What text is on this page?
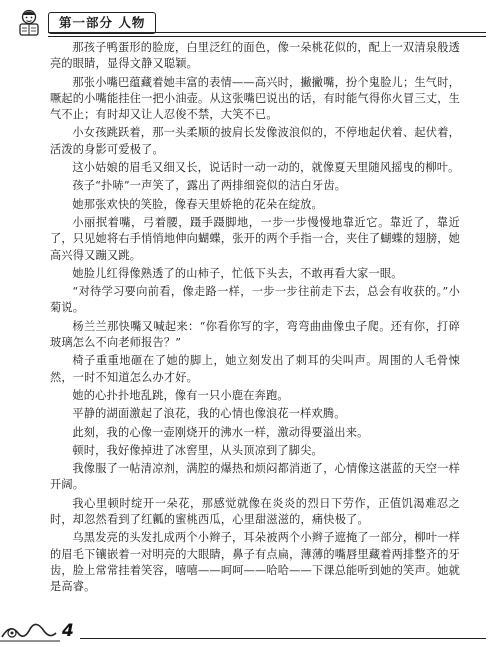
第一部分 人物

那孩子鸭蛋形的脸庞，白里泛红的面色，像一朵桃花似的，配上一双清泉般透亮的眼睛，显得文静又聪颖。

那张小嘴巴蕴藏着她丰富的表情——高兴时，撇撇嘴，扮个鬼脸儿；生气时，噘起的小嘴能挂住一把小油壶。从这张嘴巴说出的话，有时能气得你火冒三丈，生气不止；有时却又让人忍俊不禁，大笑不已。

小女孩跳跃着，那一头柔顺的披肩长发像波浪似的，不停地起伏着、起伏着，活泼的身影可爱极了。

这小姑娘的眉毛又细又长，说话时一动一动的，就像夏天里随风摇曳的柳叶。

孩子“扑哧”一声笑了，露出了两排细瓷似的洁白牙齿。

她那张欢快的笑脸，像春天里娇艳的花朵在绽放。

小丽抿着嘴，弓着腰，蹑手蹑脚地，一步一步慢慢地靠近它。靠近了，靠近了，只见她将右手悄悄地伸向蝴蝶，张开的两个手指一合，夹住了蝴蝶的翅膀，她高兴得又蹦又跳。

她脸儿红得像熟透了的山柿子，忙低下头去，不敢再看大家一眼。

“对待学习要向前看，像走路一样，一步一步往前走下去，总会有收获的。”小菊说。

杨兰兰那快嘴又喊起来：“你看你写的字，弯弯曲曲像虫子爬。还有你，打碎玻璃怎么不向老师报告？”

椅子重重地砸在了她的脚上，她立刻发出了刺耳的尖叫声。周围的人毛骨悚然，一时不知道怎么办才好。

她的心扑扑地乱跳，像有一只小鹿在奔跑。

平静的湖面激起了浪花，我的心情也像浪花一样欢腾。

此刻，我的心像一壶刚烧开的沸水一样，激动得要溢出来。

顿时，我好像掉进了冰窖里，从头顶凉到了脚尖。

我像服了一帖清凉剂，满腔的爆热和烦闷都消逝了，心情像这湛蓝的天空一样开阔。

我心里顿时绽开一朵花，那感觉就像在炎炎的烈日下劳作，正值饥渴难忍之时，却忽然看到了红瓤的蜜桃西瓜，心里甜滋滋的，痛快极了。

乌黑发亮的头发扎成两个小辫子，耳朵被两个小辫子遮掩了一部分，柳叶一样的眉毛下镶嵌着一对明亮的大眼睛，鼻子有点扁，薄薄的嘴唇里藏着两排整齐的牙齿，脸上常常挂着笑容，嘻嘻——呵呵——哈哈——下课总能听到她的笑声。她就是高睿。

4
